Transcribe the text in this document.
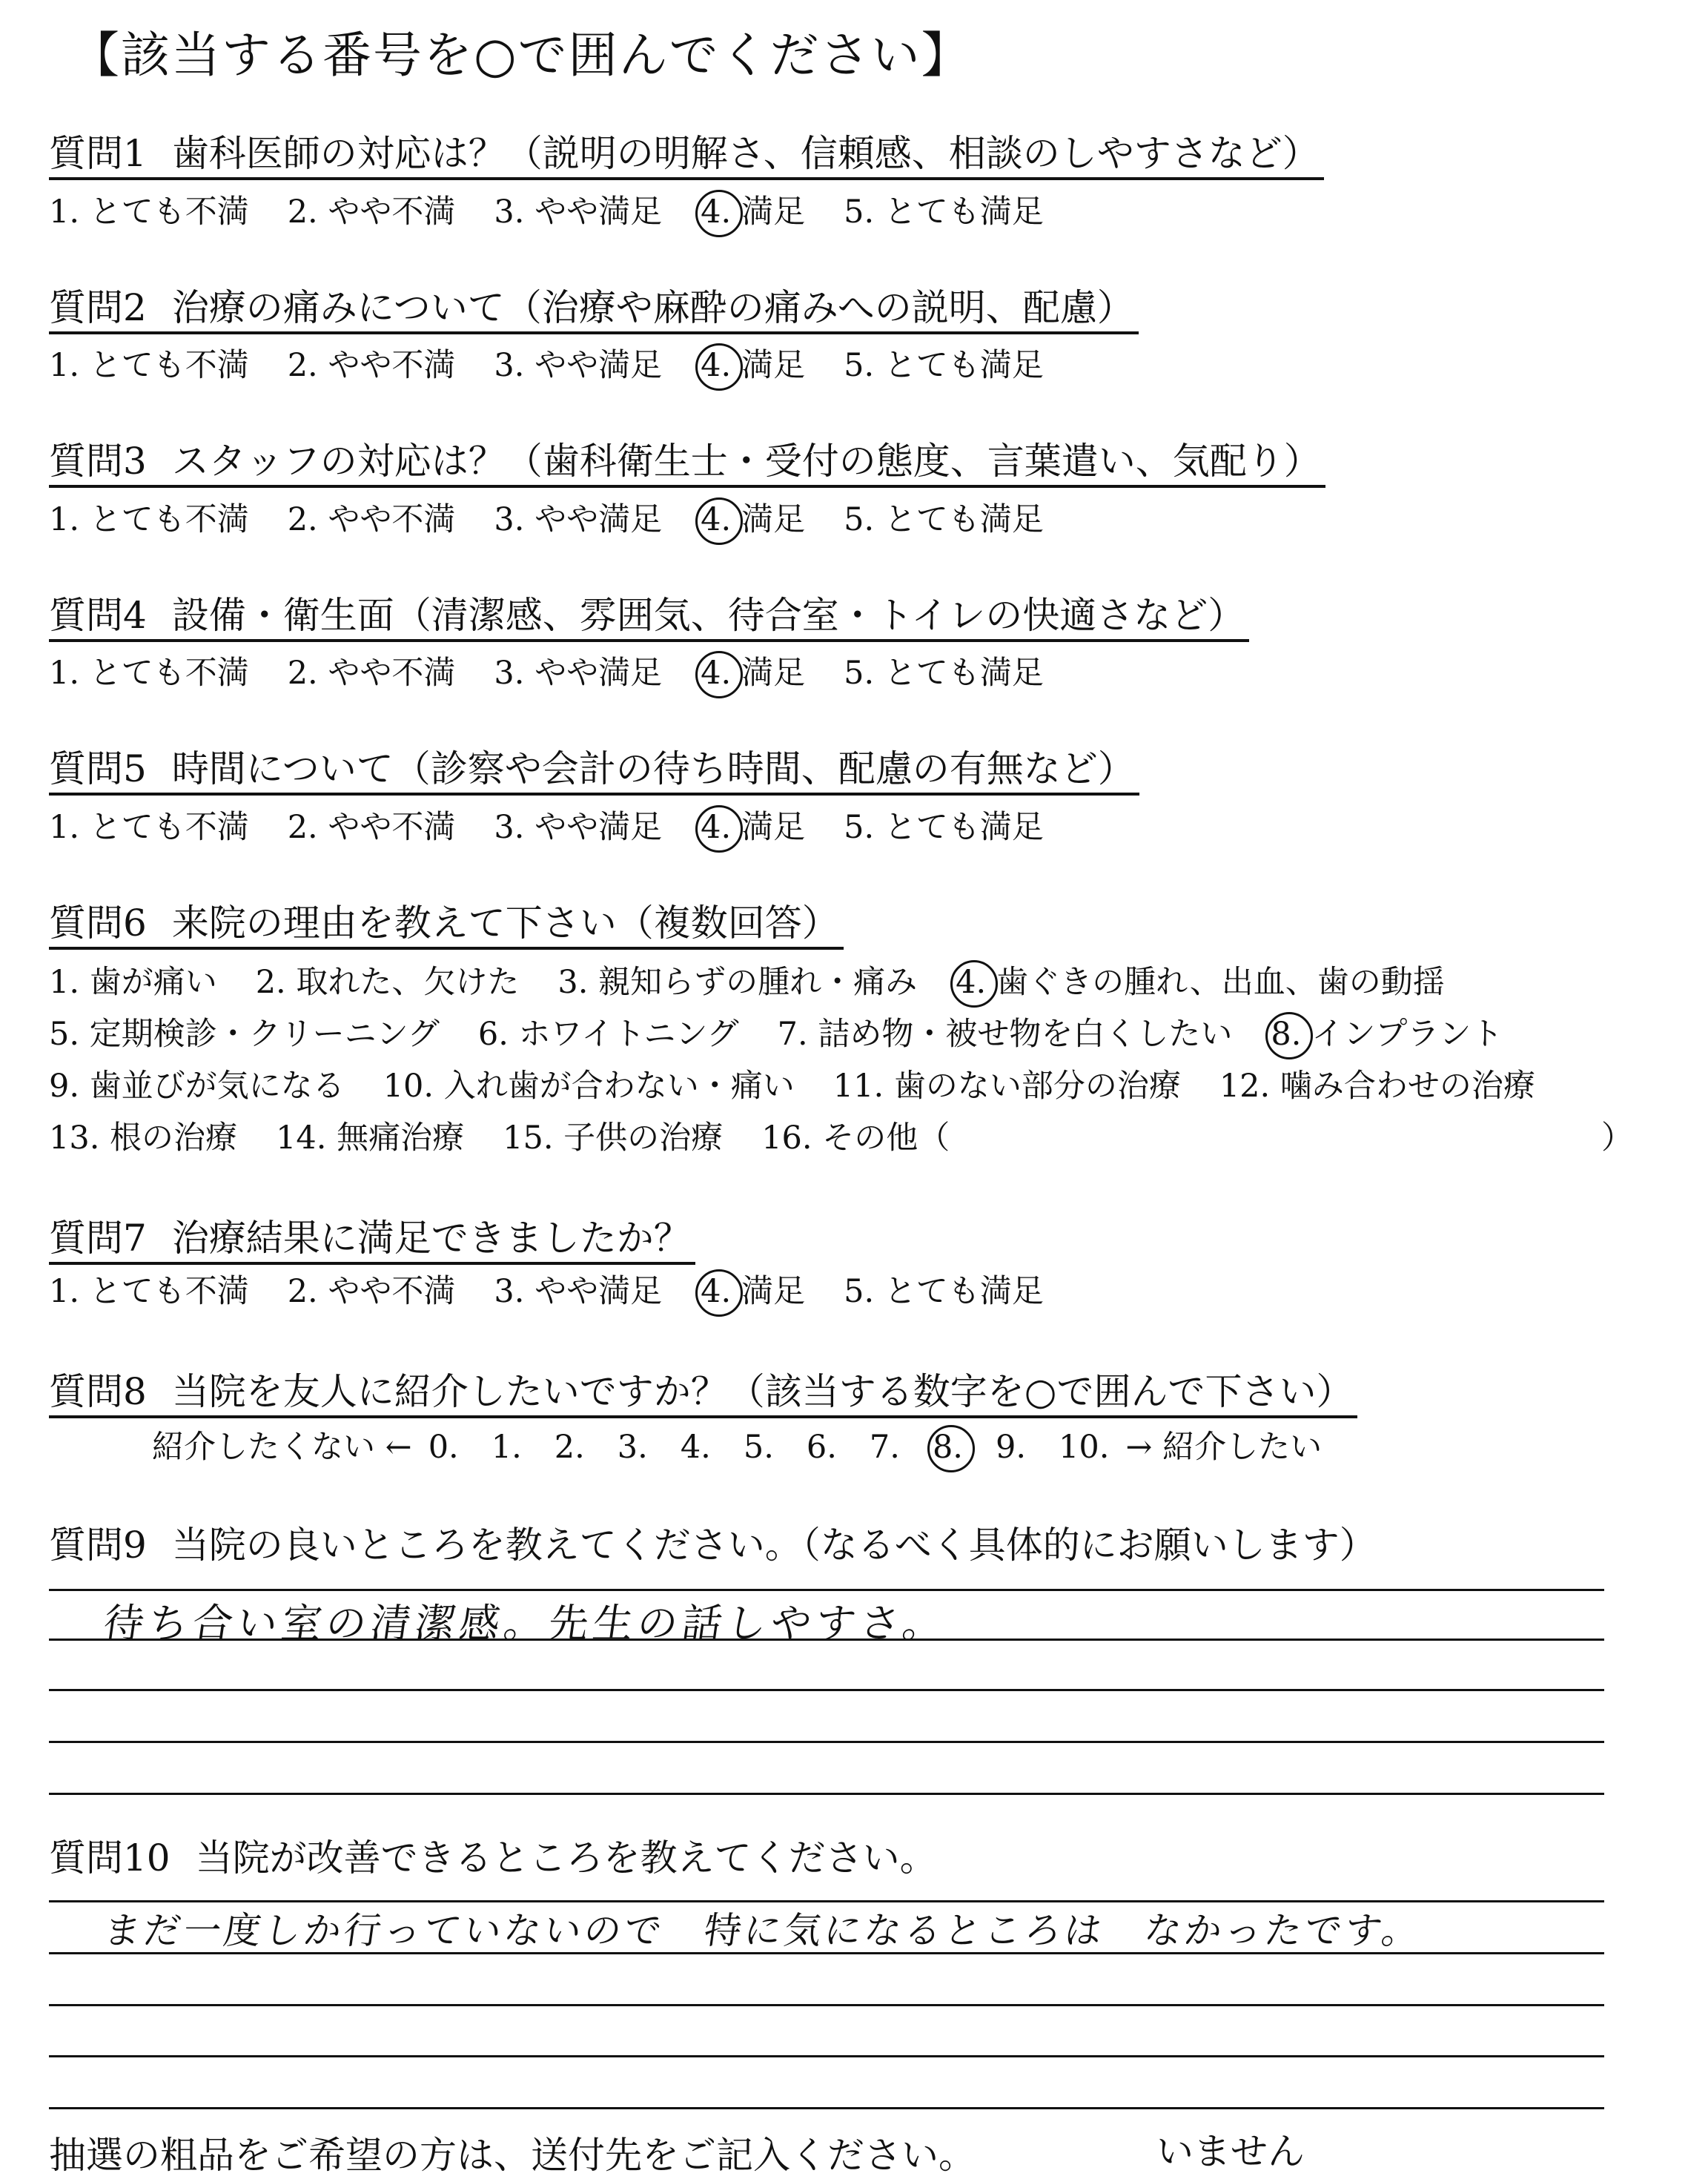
【該当する番号を○で囲んでください】
質問1 歯科医師の対応は？（説明の明解さ、信頼感、相談のしやすさなど）
1. とても不満 2. やや不満 3. やや満足 4. 満足 5. とても満足
質問2 治療の痛みについて（治療や麻酔の痛みへの説明、配慮）
1. とても不満 2. やや不満 3. やや満足 4. 満足 5. とても満足
質問3 スタッフの対応は？（歯科衛生士・受付の態度、言葉遣い、気配り）
1. とても不満 2. やや不満 3. やや満足 4. 満足 5. とても満足
質問4 設備・衛生面（清潔感、雰囲気、待合室・トイレの快適さなど）
1. とても不満 2. やや不満 3. やや満足 4. 満足 5. とても満足
質問5 時間について（診察や会計の待ち時間、配慮の有無など）
1. とても不満 2. やや不満 3. やや満足 4. 満足 5. とても満足
質問6 来院の理由を教えて下さい（複数回答）
1. 歯が痛い 2. 取れた、欠けた 3. 親知らずの腫れ・痛み 4. 歯ぐきの腫れ、出血、歯の動揺
5. 定期検診・クリーニング 6. ホワイトニング 7. 詰め物・被せ物を白くしたい 8. インプラント
9. 歯並びが気になる 10. 入れ歯が合わない・痛い 11. 歯のない部分の治療 12. 噛み合わせの治療
13. 根の治療 14. 無痛治療 15. 子供の治療 16. その他（	）
質問7 治療結果に満足できましたか？
1. とても不満 2. やや不満 3. やや満足 4. 満足 5. とても満足
質問8 当院を友人に紹介したいですか？（該当する数字を○で囲んで下さい）
紹介したくない ← 0. 1. 2. 3. 4. 5. 6. 7. 8. 9. 10. → 紹介したい
質問9 当院の良いところを教えてください。（なるべく具体的にお願いします）
待ち合い室の清潔感。先生の話しやすさ。
質問10 当院が改善できるところを教えてください。
まだ一度しか行っていないので　特に気になるところは　なかったです。
抽選の粗品をご希望の方は、送付先をご記入ください。	いません
